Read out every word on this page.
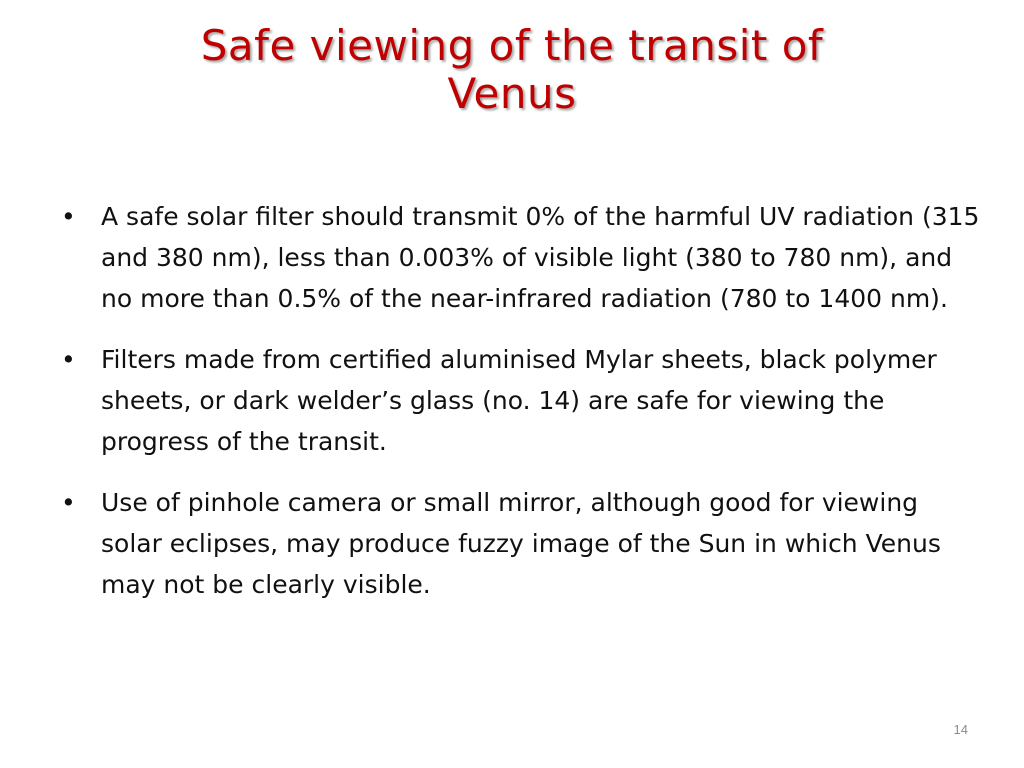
Safe viewing of the transit of
Venus
• A safe solar filter should transmit 0% of the harmful UV radiation (315 and 380 nm), less than 0.003% of visible light (380 to 780 nm), and no more than 0.5% of the near-infrared radiation (780 to 1400 nm).
• Filters made from certified aluminised Mylar sheets, black polymer sheets, or dark welder’s glass (no. 14) are safe for viewing the progress of the transit.
• Use of pinhole camera or small mirror, although good for viewing solar eclipses, may produce fuzzy image of the Sun in which Venus may not be clearly visible.
14
